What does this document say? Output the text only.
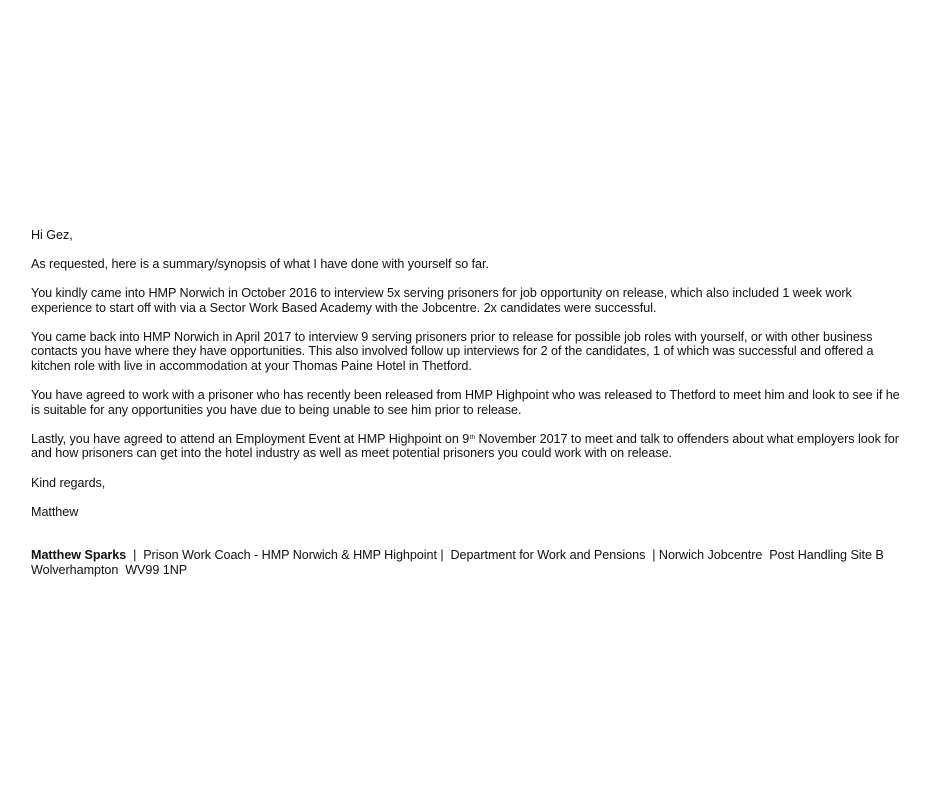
Hi Gez,

As requested, here is a summary/synopsis of what I have done with yourself so far.

You kindly came into HMP Norwich in October 2016 to interview 5x serving prisoners for job opportunity on release, which also included 1 week work experience to start off with via a Sector Work Based Academy with the Jobcentre. 2x candidates were successful.

You came back into HMP Norwich in April 2017 to interview 9 serving prisoners prior to release for possible job roles with yourself, or with other business contacts you have where they have opportunities. This also involved follow up interviews for 2 of the candidates, 1 of which was successful and offered a kitchen role with live in accommodation at your Thomas Paine Hotel in Thetford.

You have agreed to work with a prisoner who has recently been released from HMP Highpoint who was released to Thetford to meet him and look to see if he is suitable for any opportunities you have due to being unable to see him prior to release.

Lastly, you have agreed to attend an Employment Event at HMP Highpoint on 9th November 2017 to meet and talk to offenders about what employers look for and how prisoners can get into the hotel industry as well as meet potential prisoners you could work with on release.

Kind regards,

Matthew

Matthew Sparks  |  Prison Work Coach - HMP Norwich & HMP Highpoint |  Department for Work and Pensions  | Norwich Jobcentre  Post Handling Site B Wolverhampton  WV99 1NP
